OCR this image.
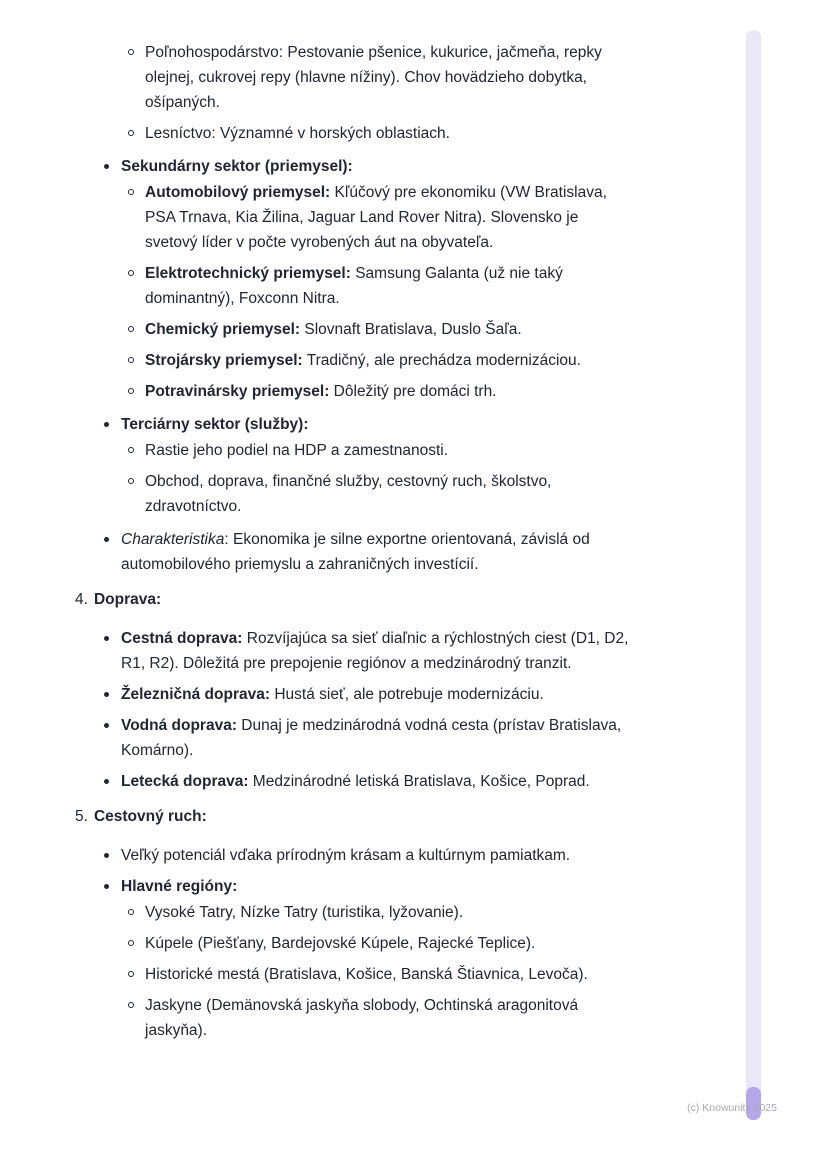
Poľnohospodárstvo: Pestovanie pšenice, kukurice, jačmeňa, repky olejnej, cukrovej repy (hlavne nížiny). Chov hovädzieho dobytka, ošípaných.

Lesníctvo: Významné v horských oblastiach.

Sekundárny sektor (priemysel):

Automobilový priemysel: Kľúčový pre ekonomiku (VW Bratislava, PSA Trnava, Kia Žilina, Jaguar Land Rover Nitra). Slovensko je svetový líder v počte vyrobených áut na obyvateľa.

Elektrotechnický priemysel: Samsung Galanta (už nie taký dominantný), Foxconn Nitra.

Chemický priemysel: Slovnaft Bratislava, Duslo Šaľa.

Strojársky priemysel: Tradičný, ale prechádza modernizáciou.

Potravinársky priemysel: Dôležitý pre domáci trh.

Terciárny sektor (služby):

Rastie jeho podiel na HDP a zamestnanosti.

Obchod, doprava, finančné služby, cestovný ruch, školstvo, zdravotníctvo.

Charakteristika: Ekonomika je silne exportne orientovaná, závislá od automobilového priemyslu a zahraničných investícií.

4. Doprava:

Cestná doprava: Rozvíjajúca sa sieť diaľnic a rýchlostných ciest (D1, D2, R1, R2). Dôležitá pre prepojenie regiónov a medzinárodný tranzit.

Železničná doprava: Hustá sieť, ale potrebuje modernizáciu.

Vodná doprava: Dunaj je medzinárodná vodná cesta (prístav Bratislava, Komárno).

Letecká doprava: Medzinárodné letiská Bratislava, Košice, Poprad.

5. Cestovný ruch:

Veľký potenciál vďaka prírodným krásam a kultúrnym pamiatkam.

Hlavné regióny:

Vysoké Tatry, Nízke Tatry (turistika, lyžovanie).

Kúpele (Piešťany, Bardejovské Kúpele, Rajecké Teplice).

Historické mestá (Bratislava, Košice, Banská Štiavnica, Levoča).

Jaskyne (Demänovská jaskyňa slobody, Ochtinská aragonitová jaskyňa).

(c) Knowunity 2025
